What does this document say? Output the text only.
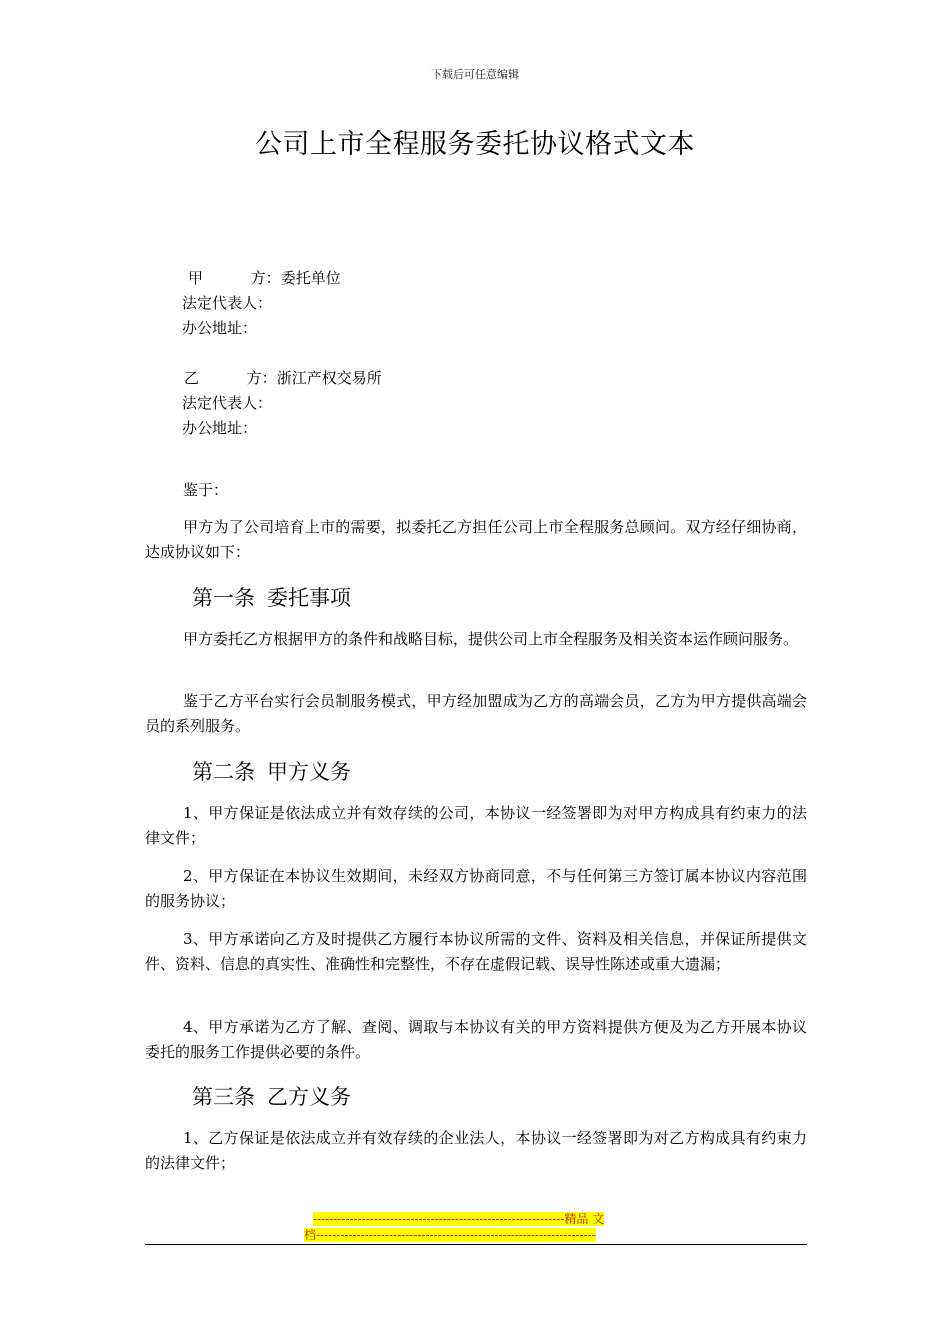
下载后可任意编辑
公司上市全程服务委托协议格式文本
甲          方：委托单位
法定代表人：
办公地址：
乙          方：浙江产权交易所
法定代表人：
办公地址：

鉴于：

甲方为了公司培育上市的需要，拟委托乙方担任公司上市全程服务总顾问。双方经仔细协商，达成协议如下：

第一条 委托事项

甲方委托乙方根据甲方的条件和战略目标，提供公司上市全程服务及相关资本运作顾问服务。

鉴于乙方平台实行会员制服务模式，甲方经加盟成为乙方的高端会员，乙方为甲方提供高端会员的系列服务。

第二条 甲方义务

1、甲方保证是依法成立并有效存续的公司，本协议一经签署即为对甲方构成具有约束力的法律文件；

2、甲方保证在本协议生效期间，未经双方协商同意，不与任何第三方签订属本协议内容范围的服务协议；

3、甲方承诺向乙方及时提供乙方履行本协议所需的文件、资料及相关信息，并保证所提供文件、资料、信息的真实性、准确性和完整性，不存在虚假记载、误导性陈述或重大遗漏；

4、甲方承诺为乙方了解、查阅、调取与本协议有关的甲方资料提供方便及为乙方开展本协议委托的服务工作提供必要的条件。

第三条 乙方义务

1、乙方保证是依法成立并有效存续的企业法人，本协议一经签署即为对乙方构成具有约束力的法律文件；

--------------------------------------------------------------精品 文
档---------------------------------------------------------------------
